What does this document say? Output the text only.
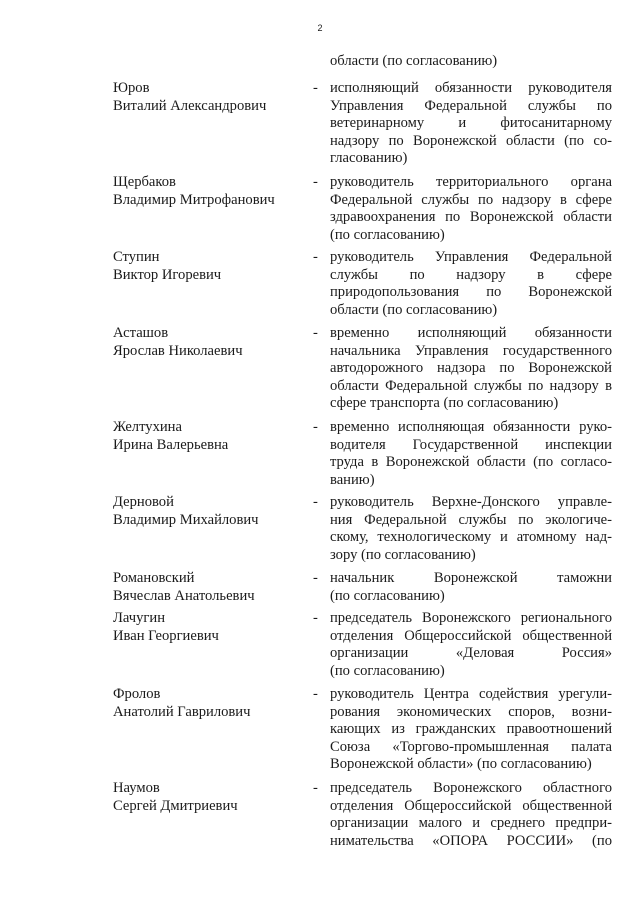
2
области (по согласованию)
Юров
Виталий Александрович
- исполняющий обязанности руководителя
Управления Федеральной службы по
ветеринарному и фитосанитарному
надзору по Воронежской области (по со-
гласованию)
Щербаков
Владимир Митрофанович
- руководитель территориального органа
Федеральной службы по надзору в сфере
здравоохранения по Воронежской области
(по согласованию)
Ступин
Виктор Игоревич
- руководитель Управления Федеральной
службы по надзору в сфере
природопользования по Воронежской
области (по согласованию)
Асташов
Ярослав Николаевич
- временно исполняющий обязанности
начальника Управления государственного
автодорожного надзора по Воронежской
области Федеральной службы по надзору в
сфере транспорта (по согласованию)
Желтухина
Ирина Валерьевна
- временно исполняющая обязанности руко-
водителя Государственной инспекции
труда в Воронежской области (по согласо-
ванию)
Дерновой
Владимир Михайлович
- руководитель Верхне-Донского управле-
ния Федеральной службы по экологиче-
скому, технологическому и атомному над-
зору (по согласованию)
Романовский
Вячеслав Анатольевич
- начальник Воронежской таможни
(по согласованию)
Лачугин
Иван Георгиевич
- председатель Воронежского регионального
отделения Общероссийской общественной
организации «Деловая Россия»
(по согласованию)
Фролов
Анатолий Гаврилович
- руководитель Центра содействия урегули-
рования экономических споров, возни-
кающих из гражданских правоотношений
Союза «Торгово-промышленная палата
Воронежской области» (по согласованию)
Наумов
Сергей Дмитриевич
- председатель Воронежского областного
отделения Общероссийской общественной
организации малого и среднего предпри-
нимательства «ОПОРА РОССИИ» (по
